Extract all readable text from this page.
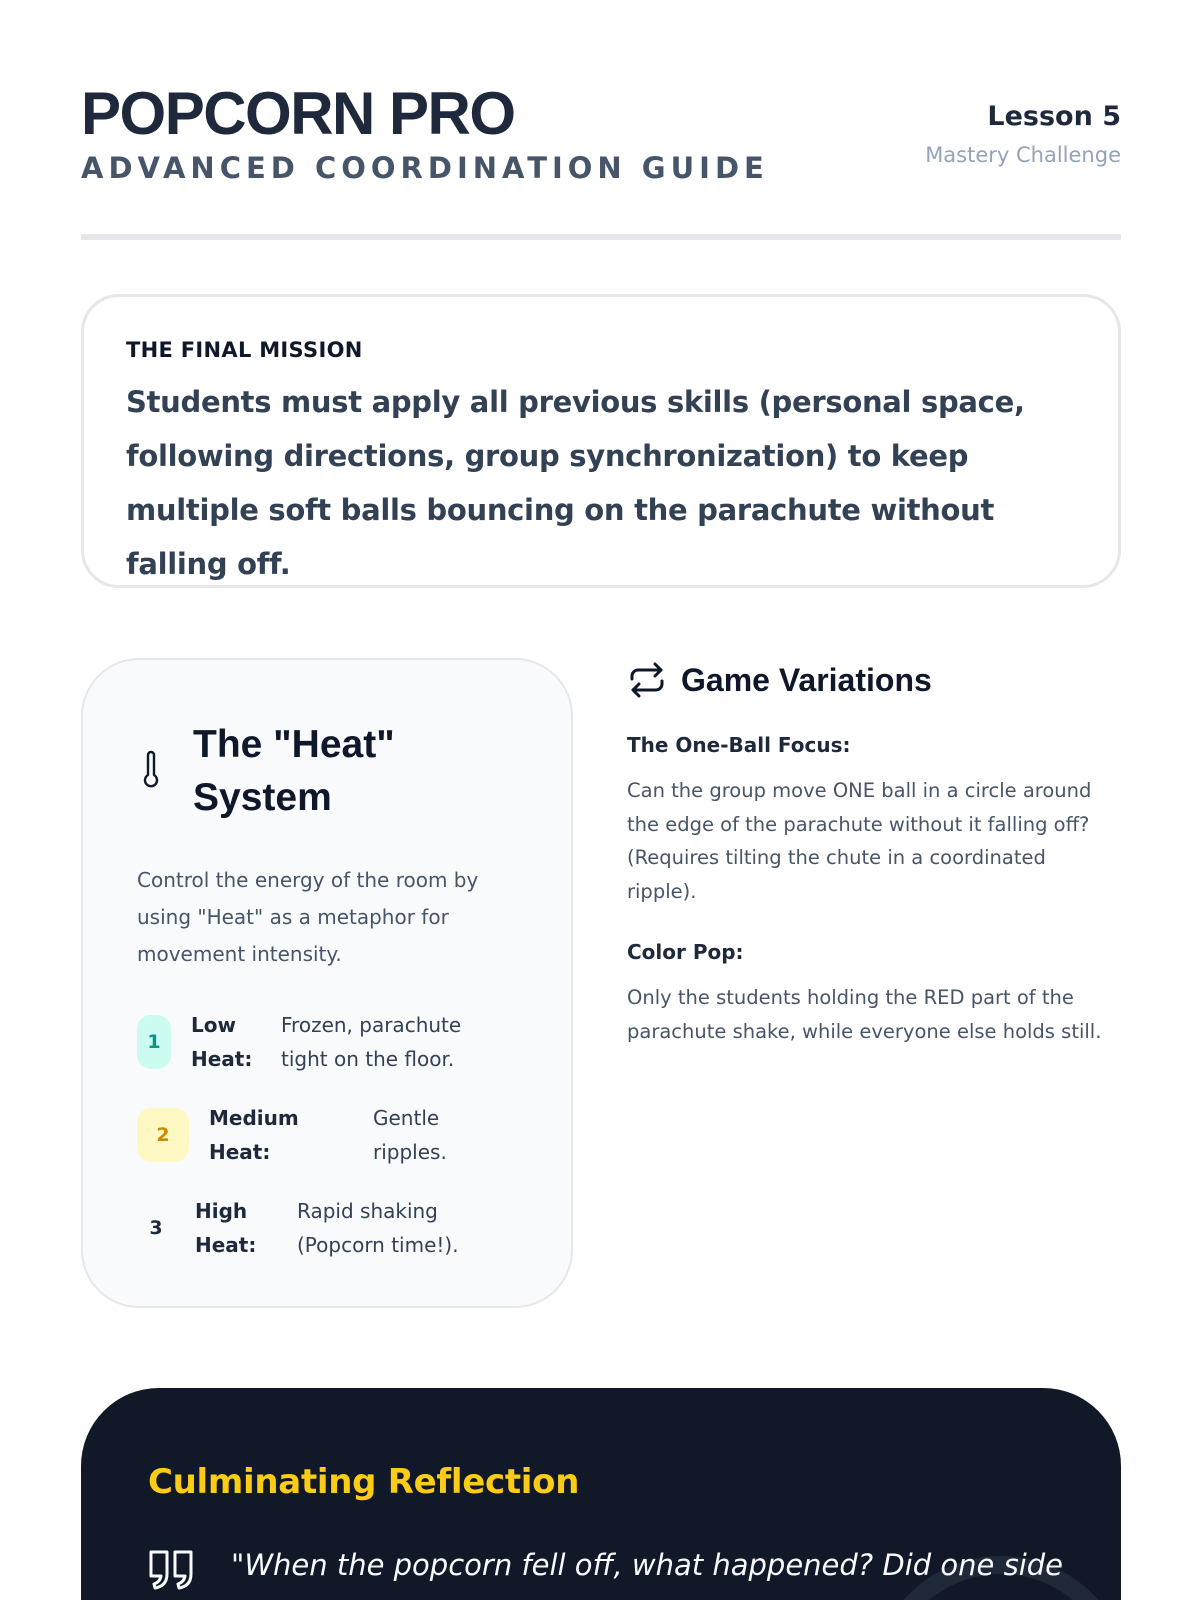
POPCORN PRO
ADVANCED COORDINATION GUIDE
Lesson 5
Mastery Challenge
THE FINAL MISSION

Students must apply all previous skills (personal space, following directions, group synchronization) to keep multiple soft balls bouncing on the parachute without falling off.

The "Heat" System

Control the energy of the room by using "Heat" as a metaphor for movement intensity.

1
Low Heat:
Frozen, parachute tight on the floor.
2
Medium Heat:
Gentle ripples.
3
High Heat:
Rapid shaking (Popcorn time!).
Game Variations

The One-Ball Focus:

Can the group move ONE ball in a circle around the edge of the parachute without it falling off? (Requires tilting the chute in a coordinated ripple).

Color Pop:

Only the students holding the RED part of the parachute shake, while everyone else holds still.

Culminating Reflection

"When the popcorn fell off, what happened? Did one side
